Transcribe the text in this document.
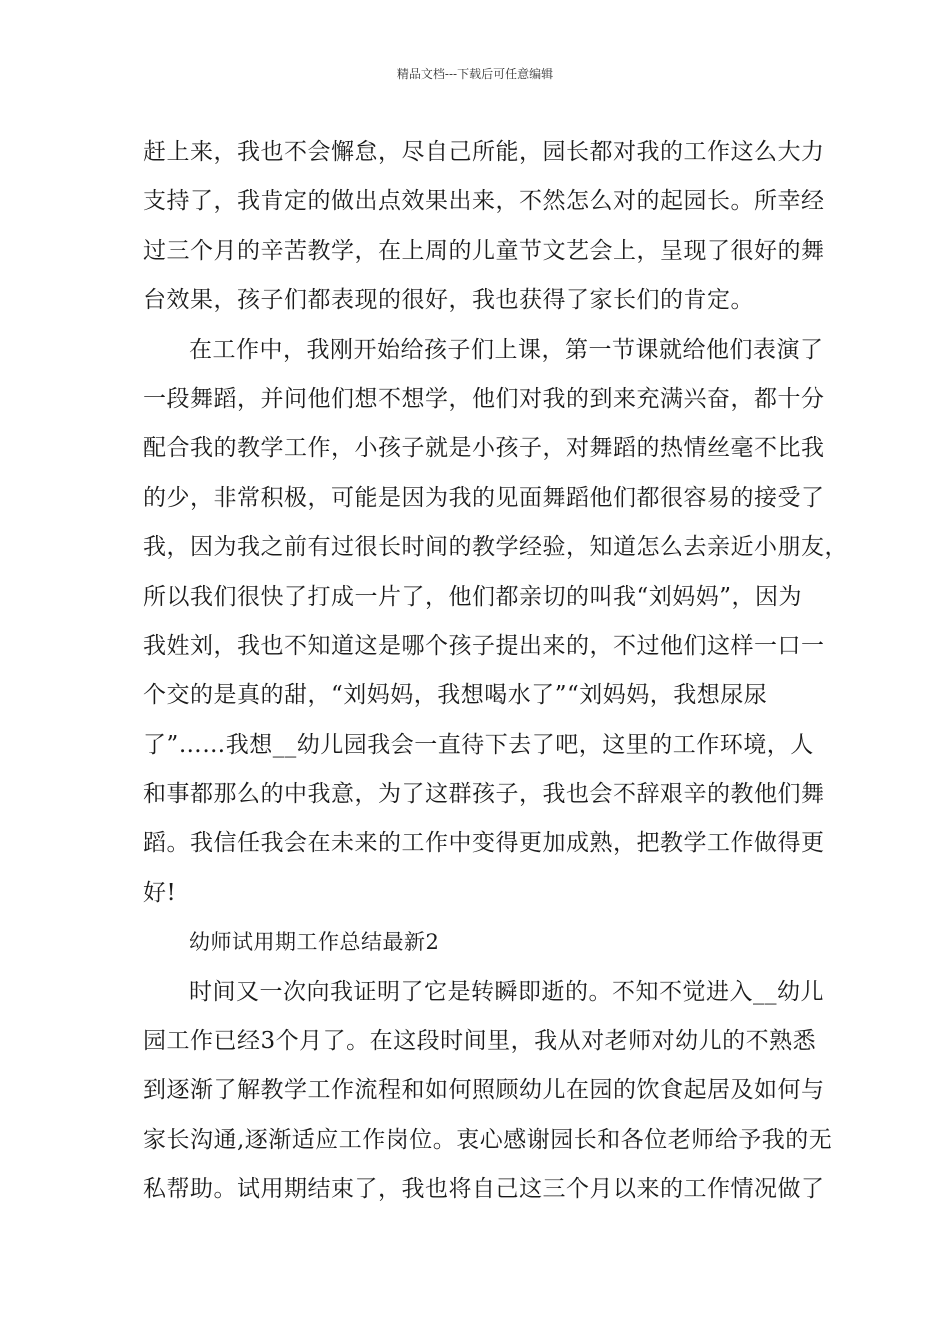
精品文档---下载后可任意编辑
赶上来，我也不会懈怠，尽自己所能，园长都对我的工作这么大力
支持了，我肯定的做出点效果出来，不然怎么对的起园长。所幸经
过三个月的辛苦教学，在上周的儿童节文艺会上，呈现了很好的舞
台效果，孩子们都表现的很好，我也获得了家长们的肯定。
在工作中，我刚开始给孩子们上课，第一节课就给他们表演了
一段舞蹈，并问他们想不想学，他们对我的到来充满兴奋，都十分
配合我的教学工作，小孩子就是小孩子，对舞蹈的热情丝毫不比我
的少，非常积极，可能是因为我的见面舞蹈他们都很容易的接受了
我，因为我之前有过很长时间的教学经验，知道怎么去亲近小朋友，
所以我们很快了打成一片了，他们都亲切的叫我“刘妈妈”，因为
我姓刘，我也不知道这是哪个孩子提出来的，不过他们这样一口一
个交的是真的甜，“刘妈妈，我想喝水了”“刘妈妈，我想尿尿
了”……我想__幼儿园我会一直待下去了吧，这里的工作环境，人
和事都那么的中我意，为了这群孩子，我也会不辞艰辛的教他们舞
蹈。我信任我会在未来的工作中变得更加成熟，把教学工作做得更
好!
幼师试用期工作总结最新2
时间又一次向我证明了它是转瞬即逝的。不知不觉进入__幼儿
园工作已经3个月了。在这段时间里，我从对老师对幼儿的不熟悉
到逐渐了解教学工作流程和如何照顾幼儿在园的饮食起居及如何与
家长沟通,逐渐适应工作岗位。衷心感谢园长和各位老师给予我的无
私帮助。试用期结束了，我也将自己这三个月以来的工作情况做了
